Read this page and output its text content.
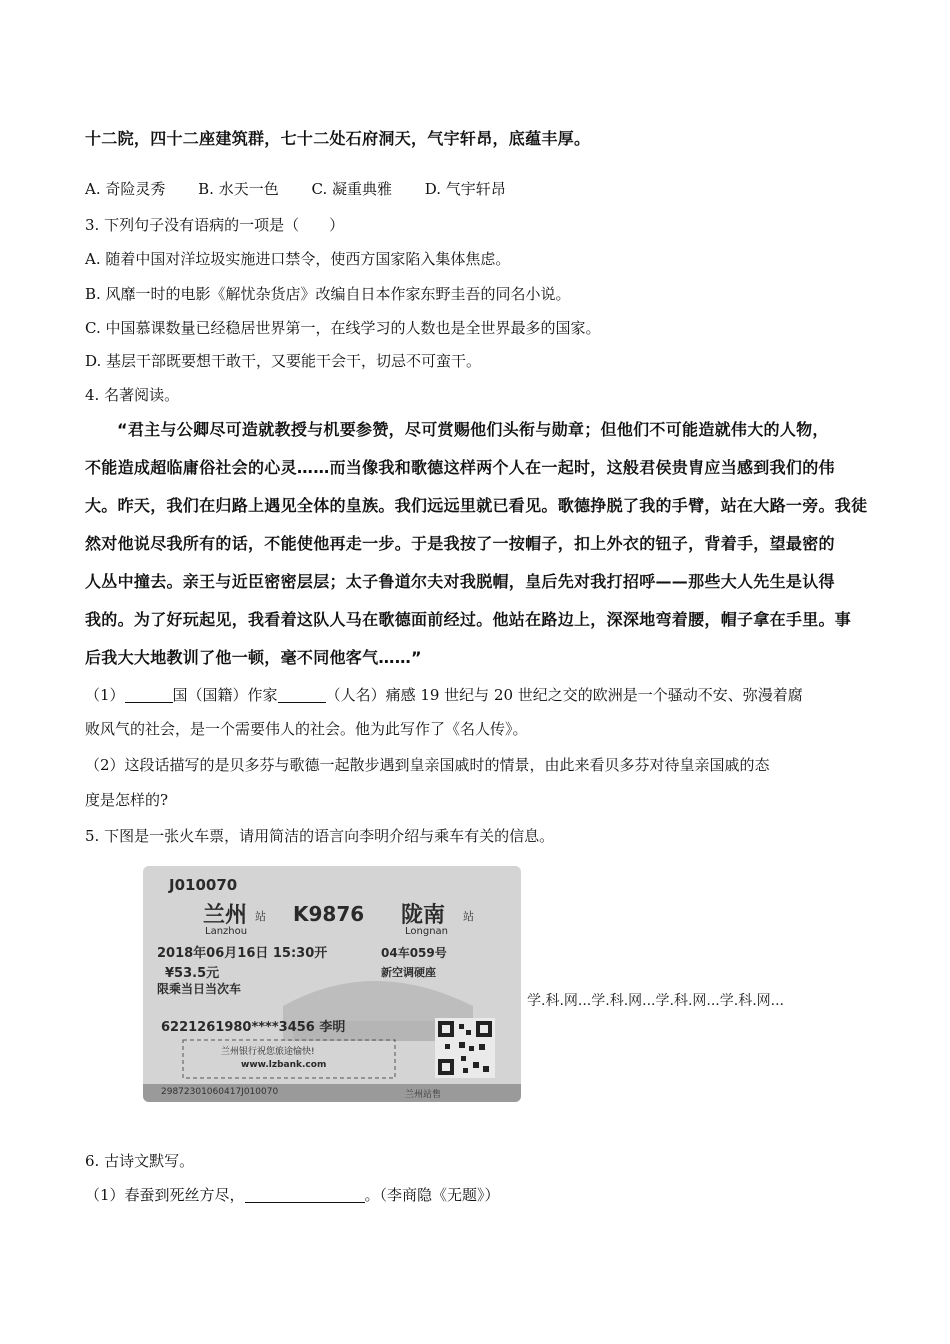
十二院，四十二座建筑群，七十二处石府洞天，气宇轩昂，底蕴丰厚。
A. 奇险灵秀 B. 水天一色 C. 凝重典雅 D. 气宇轩昂
3. 下列句子没有语病的一项是（　　）
A. 随着中国对洋垃圾实施进口禁令，使西方国家陷入集体焦虑。
B. 风靡一时的电影《解忧杂货店》改编自日本作家东野圭吾的同名小说。
C. 中国慕课数量已经稳居世界第一，在线学习的人数也是全世界最多的国家。
D. 基层干部既要想干敢干，又要能干会干，切忌不可蛮干。
4. 名著阅读。
“君主与公卿尽可造就教授与机要参赞，尽可赏赐他们头衔与勋章；但他们不可能造就伟大的人物，
不能造成超临庸俗社会的心灵……而当像我和歌德这样两个人在一起时，这般君侯贵胄应当感到我们的伟
大。昨天，我们在归路上遇见全体的皇族。我们远远里就已看见。歌德挣脱了我的手臂，站在大路一旁。我徒
然对他说尽我所有的话，不能使他再走一步。于是我按了一按帽子，扣上外衣的钮子，背着手，望最密的
人丛中撞去。亲王与近臣密密层层；太子鲁道尔夫对我脱帽，皇后先对我打招呼——那些大人先生是认得
我的。为了好玩起见，我看着这队人马在歌德面前经过。他站在路边上，深深地弯着腰，帽子拿在手里。事
后我大大地教训了他一顿，毫不同他客气……”
（1）	国（国籍）作家	（人名）痛感 19 世纪与 20 世纪之交的欧洲是一个骚动不安、弥漫着腐
败风气的社会，是一个需要伟人的社会。他为此写作了《名人传》。
（2）这段话描写的是贝多芬与歌德一起散步遇到皇亲国戚时的情景，由此来看贝多芬对待皇亲国戚的态
度是怎样的?
5. 下图是一张火车票，请用简洁的语言向李明介绍与乘车有关的信息。
J010070
兰州 站
Lanzhou
K9876 陇南 站
Longnan
2018年06月16日 15:30开	04车059号
¥53.5元	新空调硬座
限乘当日当次车
6221261980****3456 李明
兰州银行祝您旅途愉快!
www.lzbank.com
29872301060417J010070	兰州站售
学.科.网...学.科.网...学.科.网...学.科.网...
6. 古诗文默写。
（1）春蚕到死丝方尽，	。（李商隐《无题》）
